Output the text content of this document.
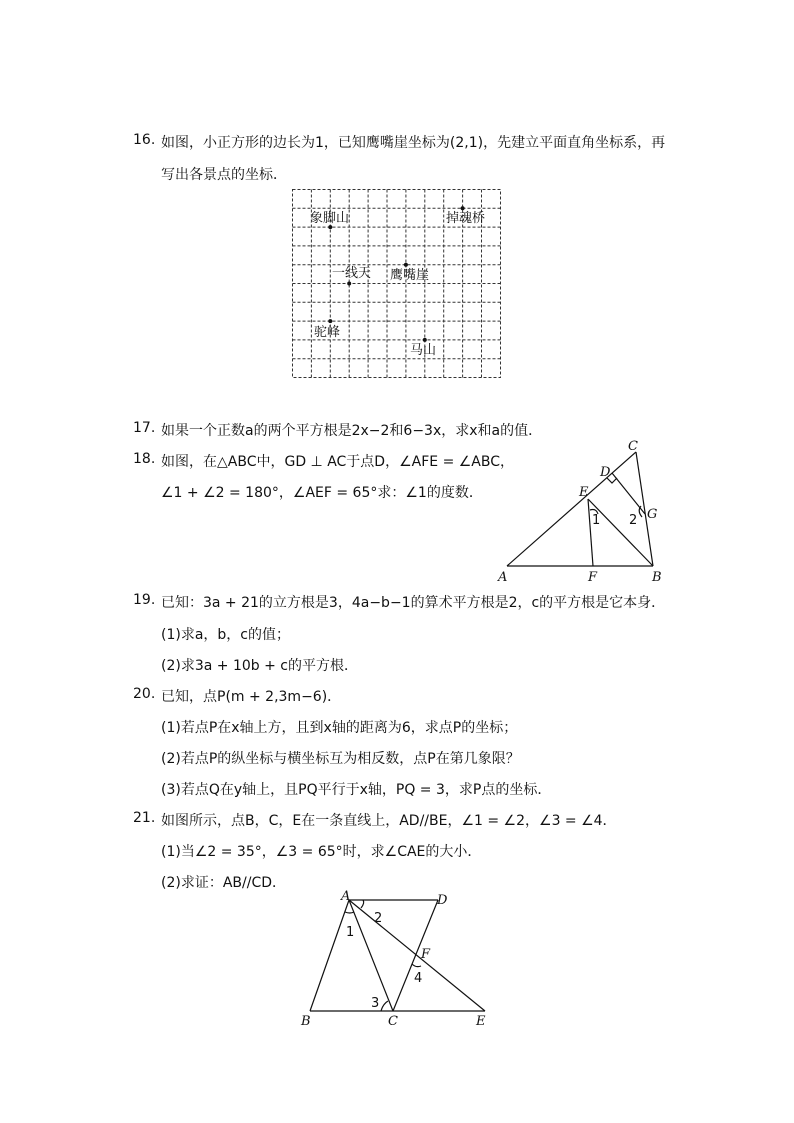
16. 如图，小正方形的边长为1，已知鹰嘴崖坐标为(2,1)，先建立平面直角坐标系，再
写出各景点的坐标．
象脚山	掉魂桥
一线天 鹰嘴崖
驼峰
马山
17. 如果一个正数a的两个平方根是2x−2和6−3x，求x和a的值．
18. 如图，在△ABC中，GD ⊥ AC于点D，∠AFE = ∠ABC，
∠1 + ∠2 = 180°，∠AEF = 65°求：∠1的度数．
A	B
C
D
E
F
G
1 2
19. 已知：3a + 21的立方根是3，4a−b−1的算术平方根是2，c的平方根是它本身．
(1)求a，b，c的值；
(2)求3a + 10b + c的平方根．
20. 已知，点P(m + 2,3m−6)．
(1)若点P在x轴上方，且到x轴的距离为6，求点P的坐标；
(2)若点P的纵坐标与横坐标互为相反数，点P在第几象限？
(3)若点Q在y轴上，且PQ平行于x轴，PQ = 3，求P点的坐标．
21. 如图所示，点B，C，E在一条直线上，AD//BE，∠1 = ∠2，∠3 = ∠4．
(1)当∠2 = 35°，∠3 = 65°时，求∠CAE的大小．
(2)求证：AB//CD．
A
B	C
D
E
F
1
2
3
4
